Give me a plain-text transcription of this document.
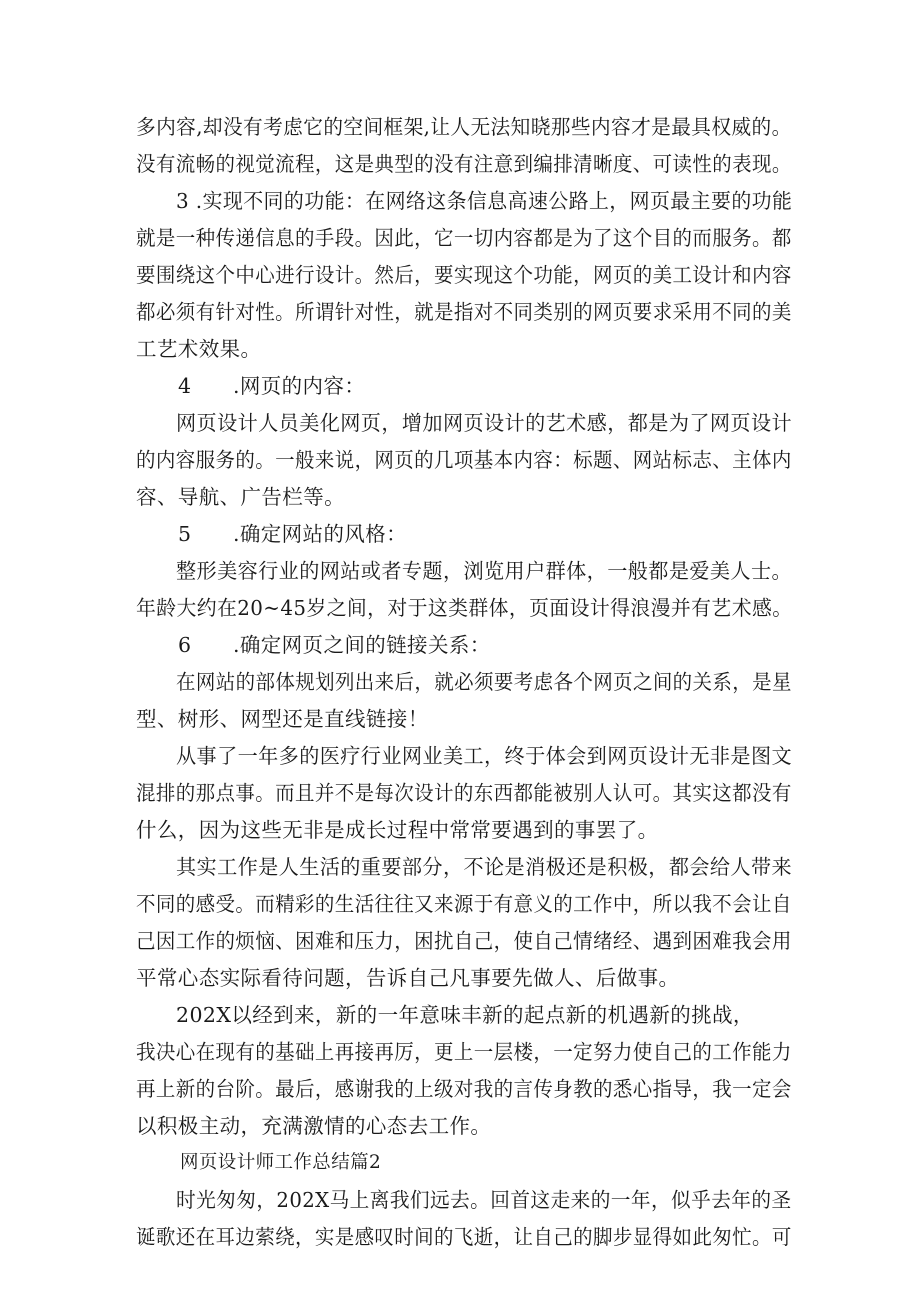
多内容,却没有考虑它的空间框架,让人无法知晓那些内容才是最具权威的。
没有流畅的视觉流程，这是典型的没有注意到编排清晰度、可读性的表现。
3 .实现不同的功能：在网络这条信息高速公路上，网页最主要的功能
就是一种传递信息的手段。因此，它一切内容都是为了这个目的而服务。都
要围绕这个中心进行设计。然后，要实现这个功能，网页的美工设计和内容
都必须有针对性。所谓针对性，就是指对不同类别的网页要求采用不同的美
工艺术效果。
4      .网页的内容：
网页设计人员美化网页，增加网页设计的艺术感，都是为了网页设计
的内容服务的。一般来说，网页的几项基本内容：标题、网站标志、主体内
容、导航、广告栏等。
5      .确定网站的风格：
整形美容行业的网站或者专题，浏览用户群体，一般都是爱美人士。
年龄大约在20~45岁之间，对于这类群体，页面设计得浪漫并有艺术感。
6      .确定网页之间的链接关系：
在网站的部体规划列出来后，就必须要考虑各个网页之间的关系，是星
型、树形、网型还是直线链接！
从事了一年多的医疗行业网业美工，终于体会到网页设计无非是图文
混排的那点事。而且并不是每次设计的东西都能被别人认可。其实这都没有
什么，因为这些无非是成长过程中常常要遇到的事罢了。
其实工作是人生活的重要部分，不论是消极还是积极，都会给人带来
不同的感受。而精彩的生活往往又来源于有意义的工作中，所以我不会让自
己因工作的烦恼、困难和压力，困扰自己，使自己情绪经、遇到困难我会用
平常心态实际看待问题，告诉自己凡事要先做人、后做事。
202X以经到来，新的一年意味丰新的起点新的机遇新的挑战，
我决心在现有的基础上再接再厉，更上一层楼，一定努力使自己的工作能力
再上新的台阶。最后，感谢我的上级对我的言传身教的悉心指导，我一定会
以积极主动，充满激情的心态去工作。
网页设计师工作总结篇2
时光匆匆，202X马上离我们远去。回首这走来的一年，似乎去年的圣
诞歌还在耳边萦绕，实是感叹时间的飞逝，让自己的脚步显得如此匆忙。可
